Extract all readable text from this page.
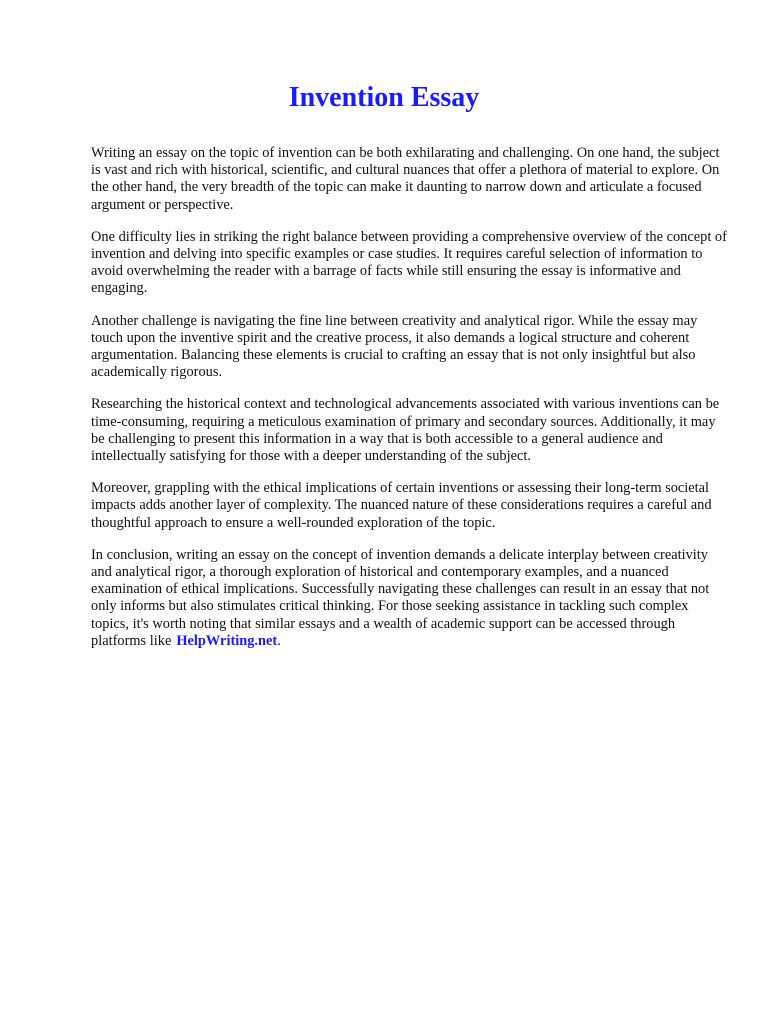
Invention Essay

Writing an essay on the topic of invention can be both exhilarating and challenging. On one hand, the subject is vast and rich with historical, scientific, and cultural nuances that offer a plethora of material to explore. On the other hand, the very breadth of the topic can make it daunting to narrow down and articulate a focused argument or perspective.

One difficulty lies in striking the right balance between providing a comprehensive overview of the concept of invention and delving into specific examples or case studies. It requires careful selection of information to avoid overwhelming the reader with a barrage of facts while still ensuring the essay is informative and engaging.

Another challenge is navigating the fine line between creativity and analytical rigor. While the essay may touch upon the inventive spirit and the creative process, it also demands a logical structure and coherent argumentation. Balancing these elements is crucial to crafting an essay that is not only insightful but also academically rigorous.

Researching the historical context and technological advancements associated with various inventions can be time-consuming, requiring a meticulous examination of primary and secondary sources. Additionally, it may be challenging to present this information in a way that is both accessible to a general audience and intellectually satisfying for those with a deeper understanding of the subject.

Moreover, grappling with the ethical implications of certain inventions or assessing their long-term societal impacts adds another layer of complexity. The nuanced nature of these considerations requires a careful and thoughtful approach to ensure a well-rounded exploration of the topic.

In conclusion, writing an essay on the concept of invention demands a delicate interplay between creativity and analytical rigor, a thorough exploration of historical and contemporary examples, and a nuanced examination of ethical implications. Successfully navigating these challenges can result in an essay that not only informs but also stimulates critical thinking. For those seeking assistance in tackling such complex topics, it's worth noting that similar essays and a wealth of academic support can be accessed through platforms like HelpWriting.net.
